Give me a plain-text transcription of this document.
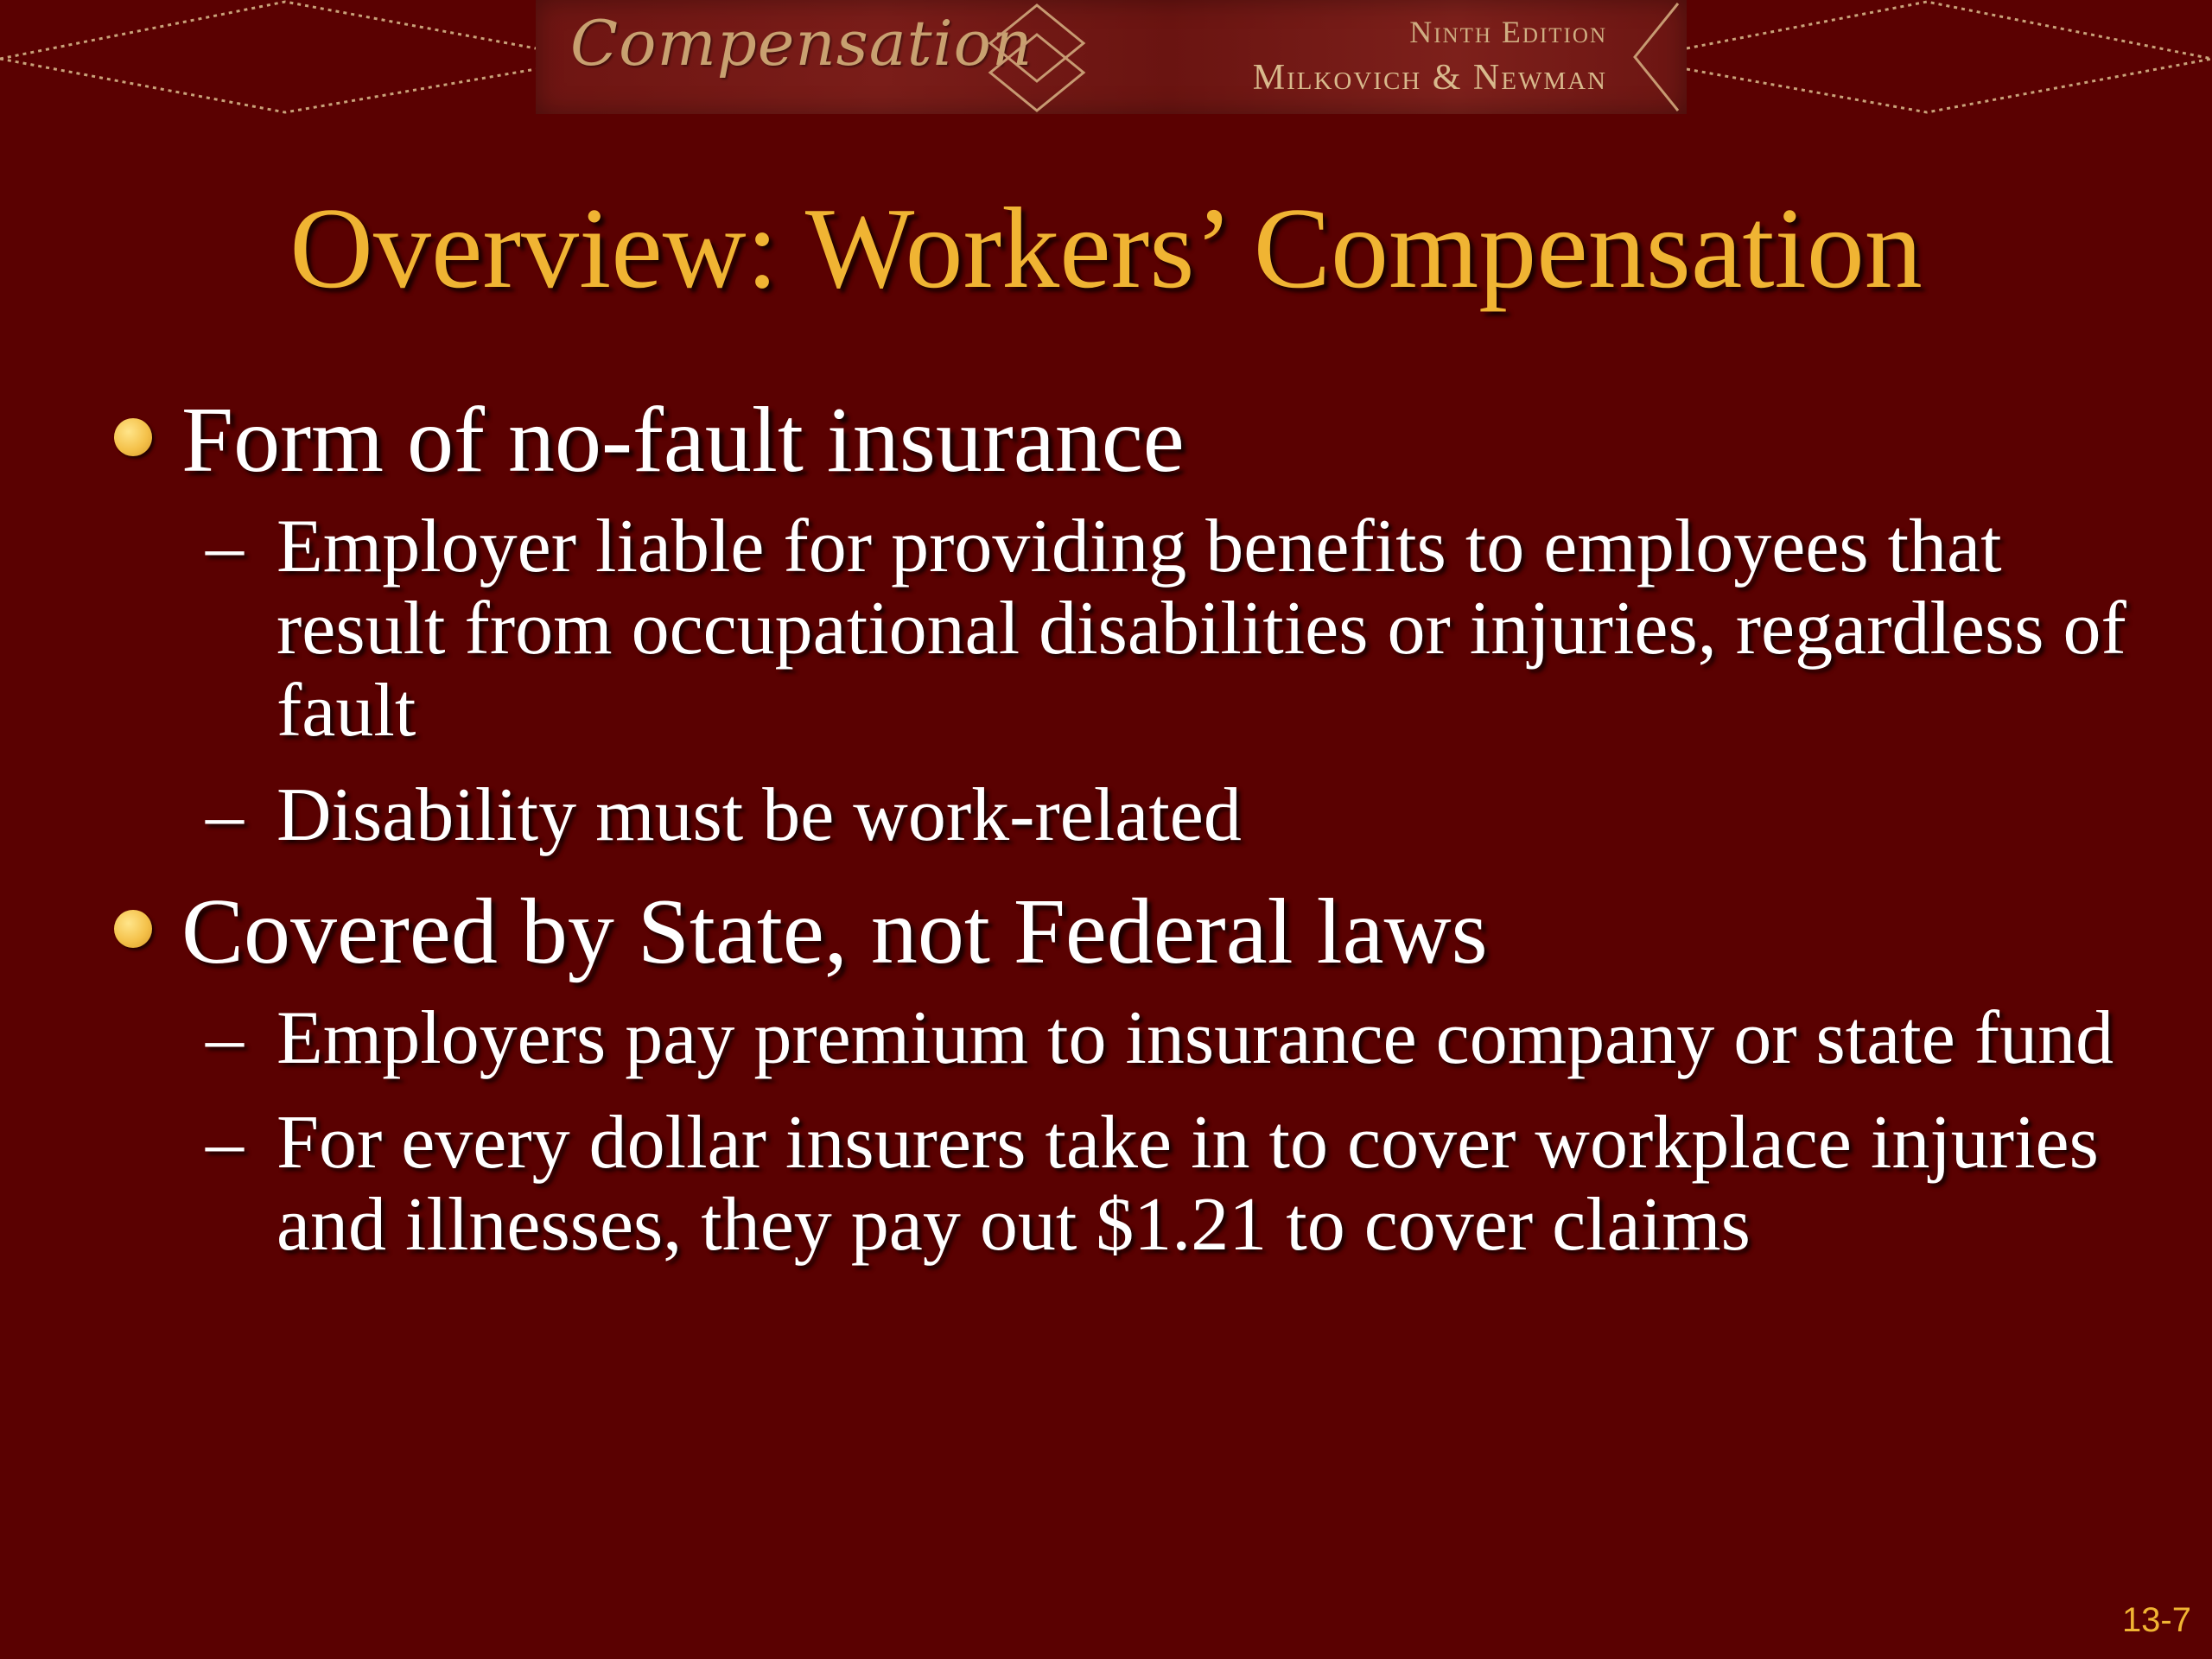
Compensation	Ninth Edition
Milkovich & Newman
Overview: Workers’ Compensation
Form of no-fault insurance
– Employer liable for providing benefits to employees that result from occupational disabilities or injuries, regardless of fault
– Disability must be work-related
Covered by State, not Federal laws
– Employers pay premium to insurance company or state fund
– For every dollar insurers take in to cover workplace injuries and illnesses, they pay out $1.21 to cover claims
13-7
